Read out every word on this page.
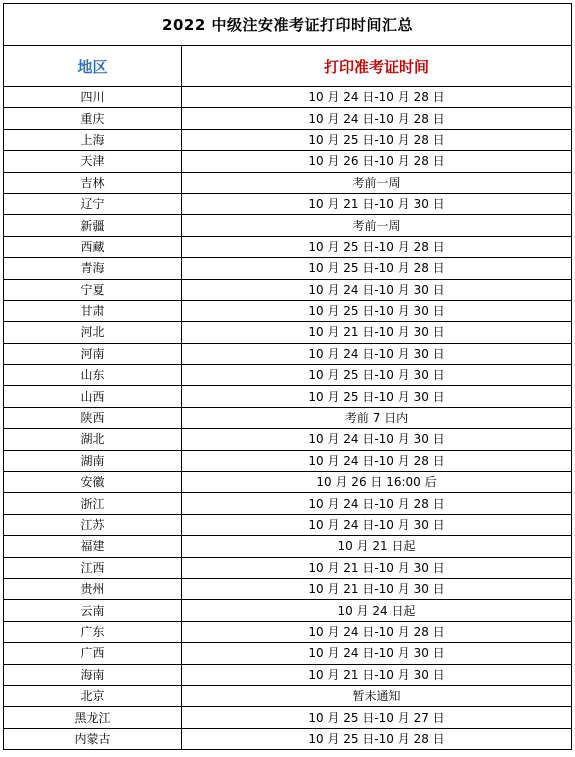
2022 中级注安准考证打印时间汇总	
地区	打印准考证时间
四川	10 月 24 日-10 月 28 日
重庆	10 月 24 日-10 月 28 日
上海	10 月 25 日-10 月 28 日
天津	10 月 26 日-10 月 28 日
吉林	考前一周
辽宁	10 月 21 日-10 月 30 日
新疆	考前一周
西藏	10 月 25 日-10 月 28 日
青海	10 月 25 日-10 月 28 日
宁夏	10 月 24 日-10 月 30 日
甘肃	10 月 25 日-10 月 30 日
河北	10 月 21 日-10 月 30 日
河南	10 月 24 日-10 月 30 日
山东	10 月 25 日-10 月 30 日
山西	10 月 25 日-10 月 30 日
陕西	考前 7 日内
湖北	10 月 24 日-10 月 30 日
湖南	10 月 24 日-10 月 28 日
安徽	10 月 26 日 16:00 后
浙江	10 月 24 日-10 月 28 日
江苏	10 月 24 日-10 月 30 日
福建	10 月 21 日起
江西	10 月 21 日-10 月 30 日
贵州	10 月 21 日-10 月 30 日
云南	10 月 24 日起
广东	10 月 24 日-10 月 28 日
广西	10 月 24 日-10 月 30 日
海南	10 月 21 日-10 月 30 日
北京	暂未通知
黑龙江	10 月 25 日-10 月 27 日
内蒙古	10 月 25 日-10 月 28 日
